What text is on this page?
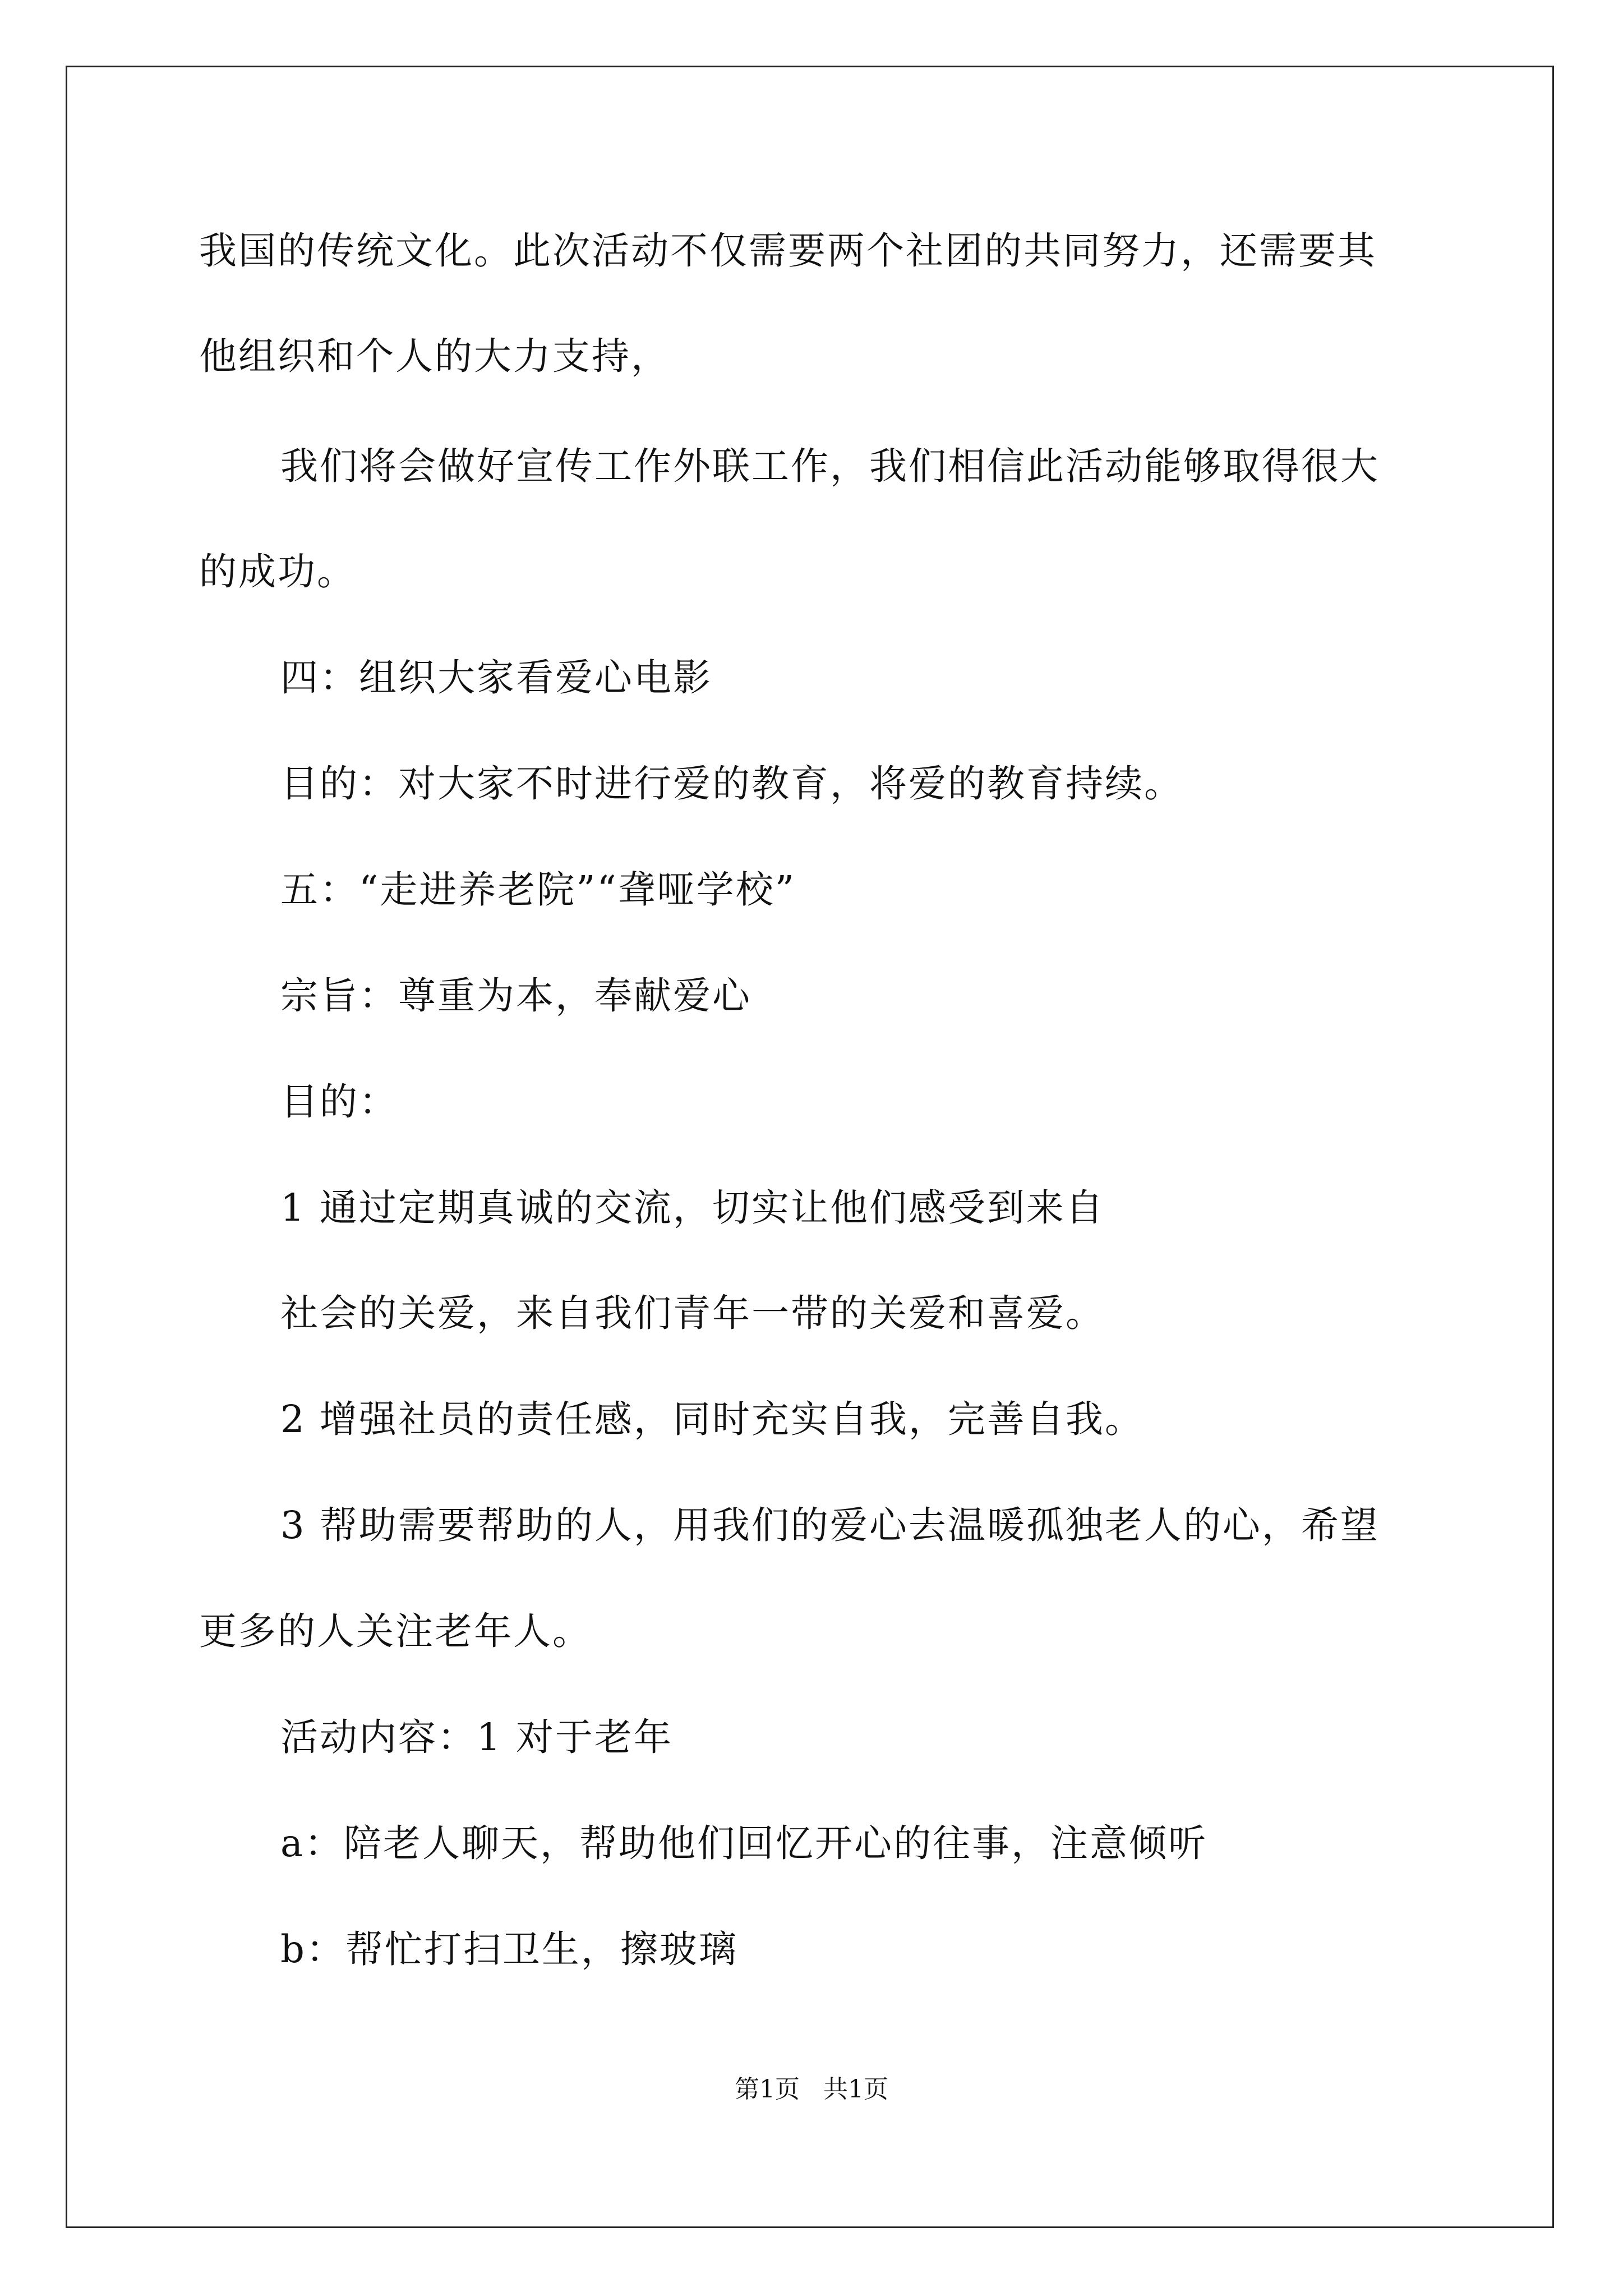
我国的传统文化。此次活动不仅需要两个社团的共同努力，还需要其
他组织和个人的大力支持，
我们将会做好宣传工作外联工作，我们相信此活动能够取得很大
的成功。
四：组织大家看爱心电影
目的：对大家不时进行爱的教育，将爱的教育持续。
五：“走进养老院”“聋哑学校”
宗旨：尊重为本，奉献爱心
目的：
1 通过定期真诚的交流，切实让他们感受到来自
社会的关爱，来自我们青年一带的关爱和喜爱。
2 增强社员的责任感，同时充实自我，完善自我。
3 帮助需要帮助的人，用我们的爱心去温暖孤独老人的心，希望
更多的人关注老年人。
活动内容：1 对于老年
a：陪老人聊天，帮助他们回忆开心的往事，注意倾听
b：帮忙打扫卫生，擦玻璃
第1页   共1页
